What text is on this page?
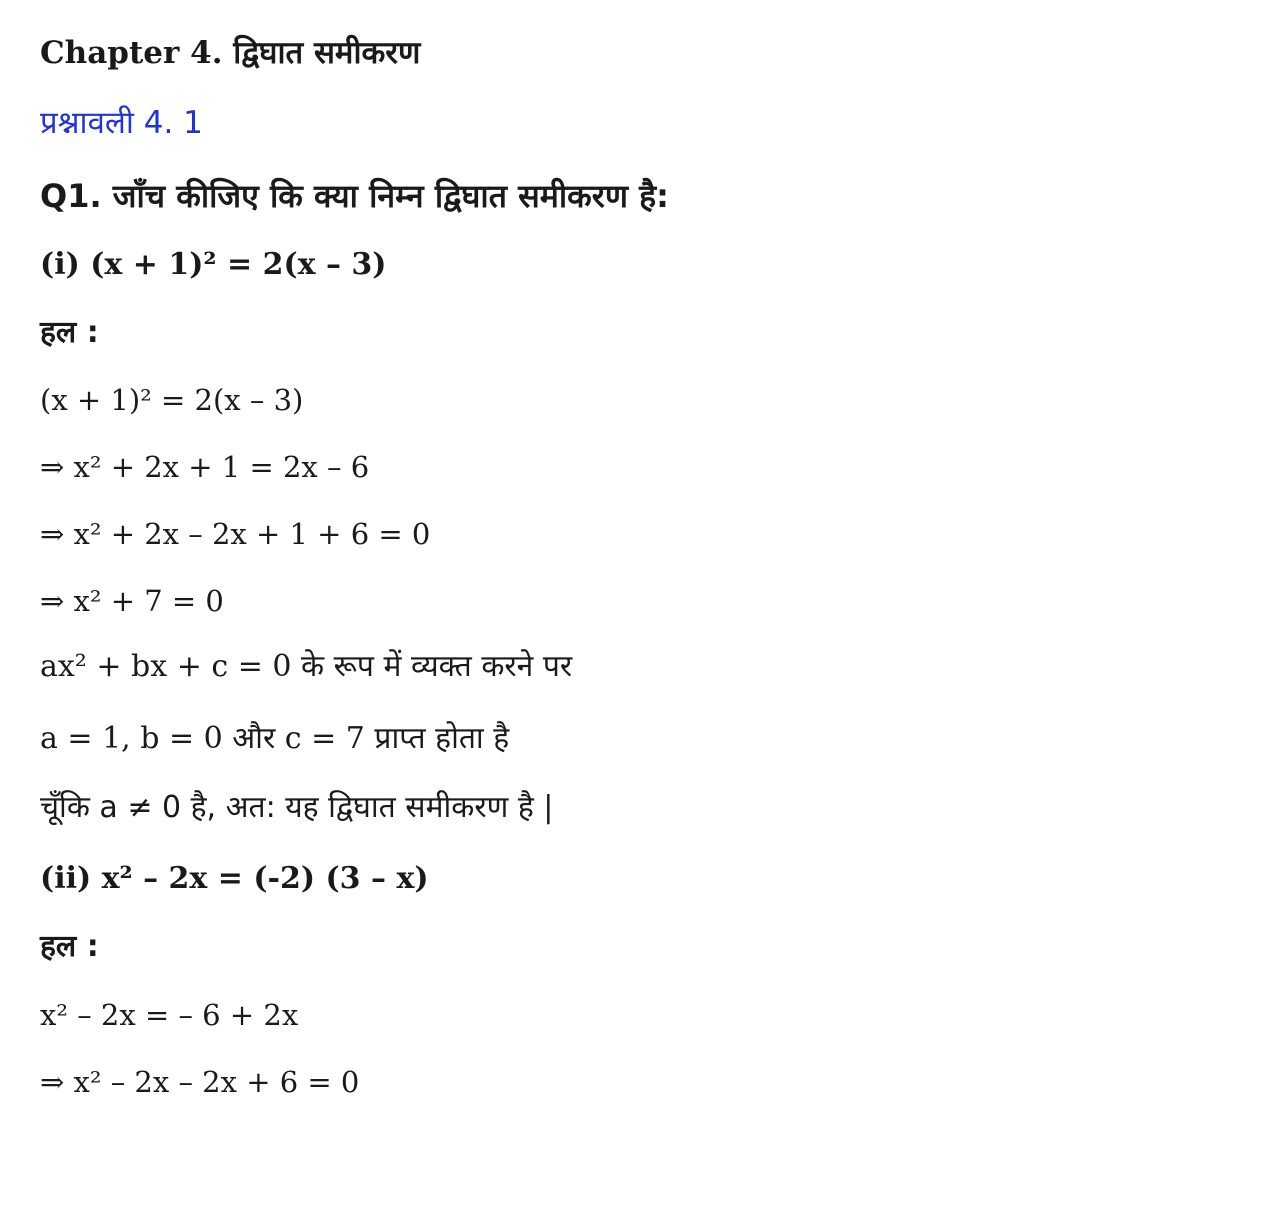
Chapter 4. द्विघात समीकरण
प्रश्नावली 4. 1
Q1. जाँच कीजिए कि क्या निम्न द्विघात समीकरण है:
(i) (x + 1)² = 2(x – 3)
हल :
(x + 1)² = 2(x – 3)
⇒ x² + 2x + 1 = 2x – 6
⇒ x² + 2x – 2x + 1 + 6 = 0
⇒ x² + 7 = 0
ax² + bx + c = 0 के रूप में व्यक्त करने पर
a = 1, b = 0 और c = 7 प्राप्त होता है
चूँकि a ≠ 0 है, अत: यह द्विघात समीकरण है |
(ii) x² – 2x = (-2) (3 – x)
हल :
x² – 2x = – 6 + 2x
⇒ x² – 2x – 2x + 6 = 0
